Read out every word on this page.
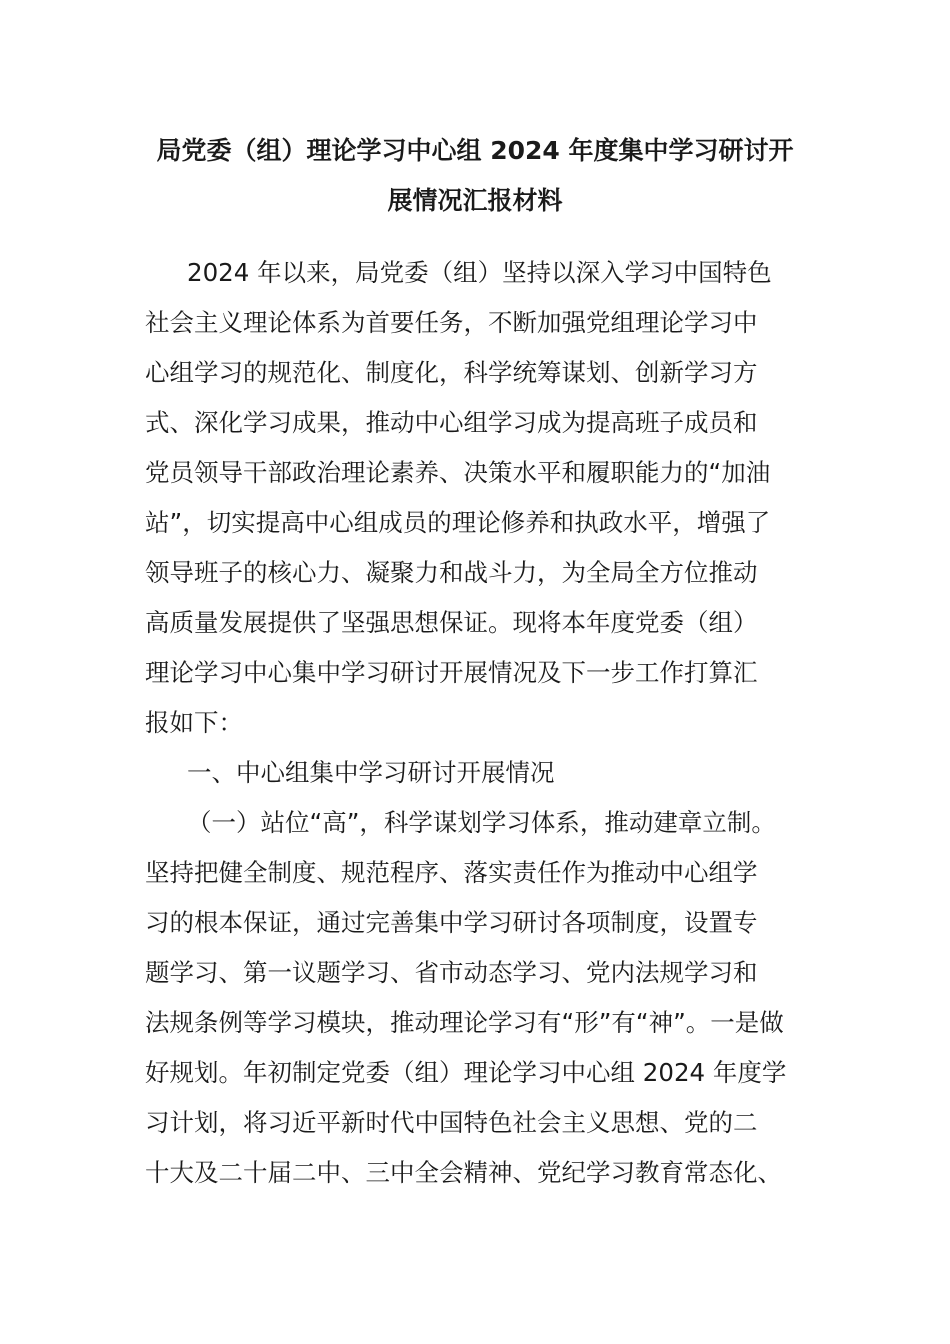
局党委（组）理论学习中心组 2024 年度集中学习研讨开
展情况汇报材料
2024 年以来，局党委（组）坚持以深入学习中国特色
社会主义理论体系为首要任务，不断加强党组理论学习中
心组学习的规范化、制度化，科学统筹谋划、创新学习方
式、深化学习成果，推动中心组学习成为提高班子成员和
党员领导干部政治理论素养、决策水平和履职能力的“加油
站”，切实提高中心组成员的理论修养和执政水平，增强了
领导班子的核心力、凝聚力和战斗力，为全局全方位推动
高质量发展提供了坚强思想保证。现将本年度党委（组）
理论学习中心集中学习研讨开展情况及下一步工作打算汇
报如下：
一、中心组集中学习研讨开展情况
（一）站位“高”，科学谋划学习体系，推动建章立制。
坚持把健全制度、规范程序、落实责任作为推动中心组学
习的根本保证，通过完善集中学习研讨各项制度，设置专
题学习、第一议题学习、省市动态学习、党内法规学习和
法规条例等学习模块，推动理论学习有“形”有“神”。一是做
好规划。年初制定党委（组）理论学习中心组 2024 年度学
习计划，将习近平新时代中国特色社会主义思想、党的二
十大及二十届二中、三中全会精神、党纪学习教育常态化、
